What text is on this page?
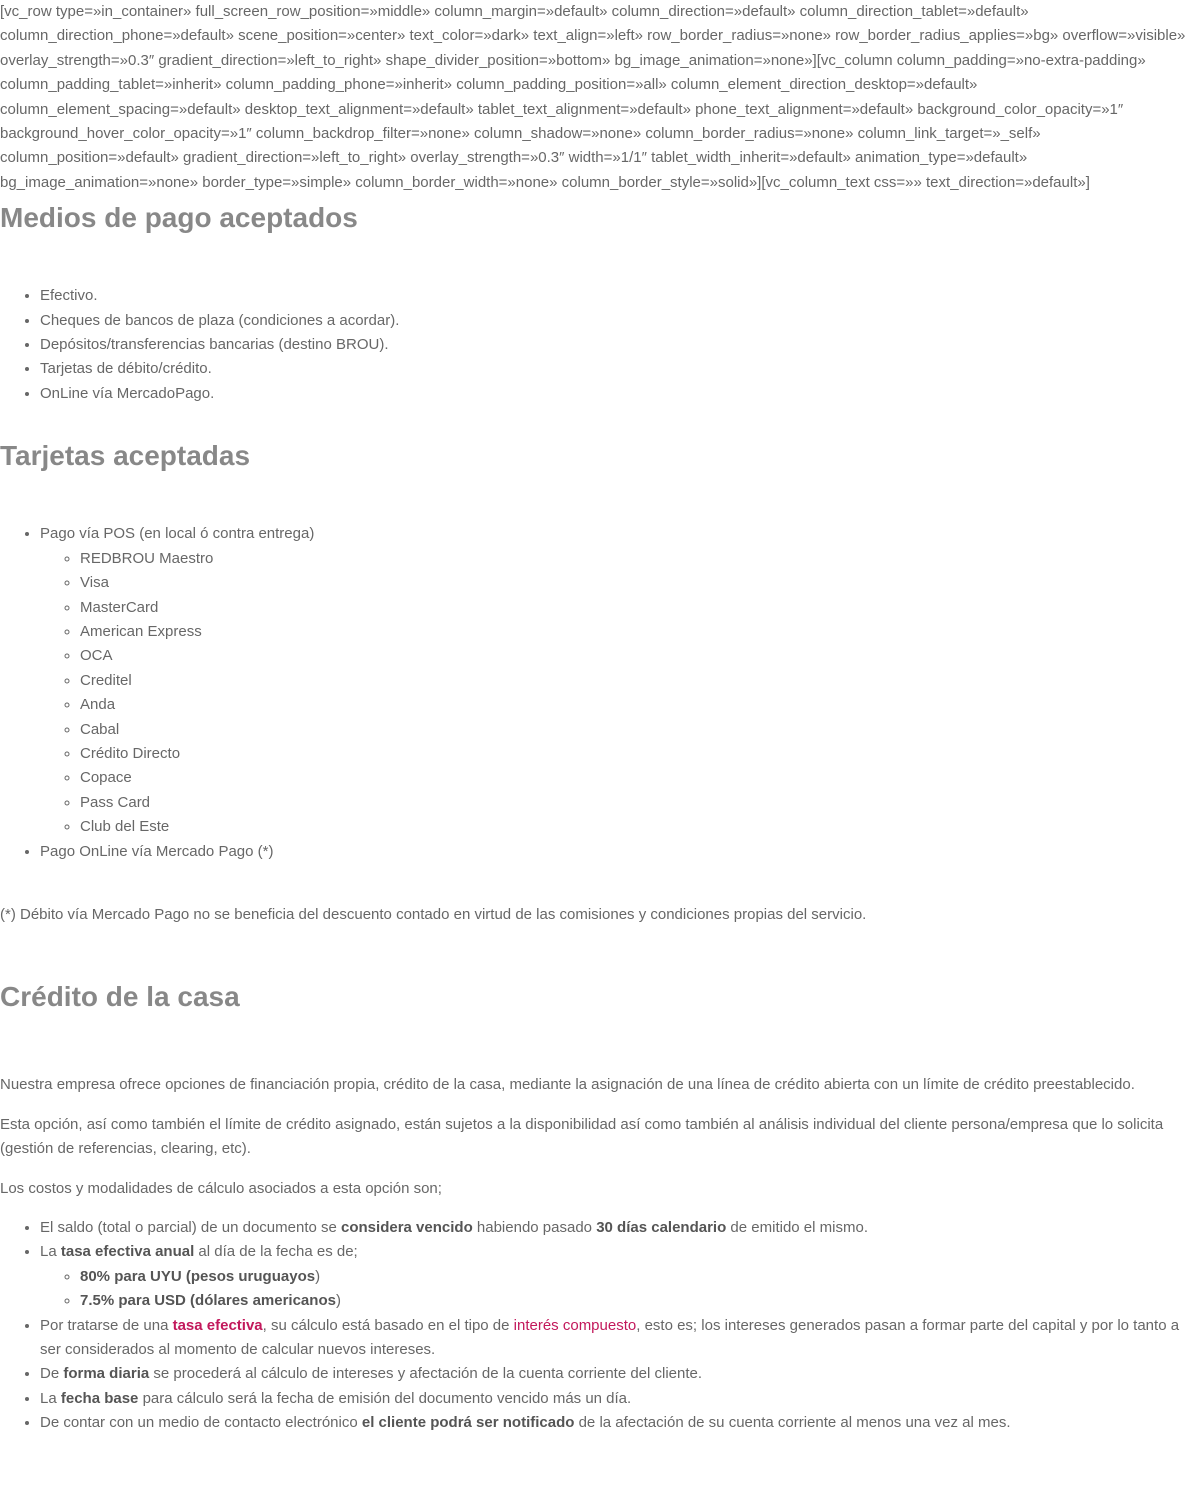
[vc_row type=»in_container» full_screen_row_position=»middle» column_margin=»default» column_direction=»default» column_direction_tablet=»default» column_direction_phone=»default» scene_position=»center» text_color=»dark» text_align=»left» row_border_radius=»none» row_border_radius_applies=»bg» overflow=»visible» overlay_strength=»0.3″ gradient_direction=»left_to_right» shape_divider_position=»bottom» bg_image_animation=»none»][vc_column column_padding=»no-extra-padding» column_padding_tablet=»inherit» column_padding_phone=»inherit» column_padding_position=»all» column_element_direction_desktop=»default» column_element_spacing=»default» desktop_text_alignment=»default» tablet_text_alignment=»default» phone_text_alignment=»default» background_color_opacity=»1″ background_hover_color_opacity=»1″ column_backdrop_filter=»none» column_shadow=»none» column_border_radius=»none» column_link_target=»_self» column_position=»default» gradient_direction=»left_to_right» overlay_strength=»0.3″ width=»1/1″ tablet_width_inherit=»default» animation_type=»default» bg_image_animation=»none» border_type=»simple» column_border_width=»none» column_border_style=»solid»][vc_column_text css=»» text_direction=»default»]

Medios de pago aceptados
• Efectivo.
• Cheques de bancos de plaza (condiciones a acordar).
• Depósitos/transferencias bancarias (destino BROU).
• Tarjetas de débito/crédito.
• OnLine vía MercadoPago.
Tarjetas aceptadas
• Pago vía POS (en local ó contra entrega)
◦ REDBROU Maestro
◦ Visa
◦ MasterCard
◦ American Express
◦ OCA
◦ Creditel
◦ Anda
◦ Cabal
◦ Crédito Directo
◦ Copace
◦ Pass Card
◦ Club del Este
• Pago OnLine vía Mercado Pago (*)

(*) Débito vía Mercado Pago no se beneficia del descuento contado en virtud de las comisiones y condiciones propias del servicio.

Crédito de la casa

Nuestra empresa ofrece opciones de financiación propia, crédito de la casa, mediante la asignación de una línea de crédito abierta con un límite de crédito preestablecido.

Esta opción, así como también el límite de crédito asignado, están sujetos a la disponibilidad así como también al análisis individual del cliente persona/empresa que lo solicita (gestión de referencias, clearing, etc).

Los costos y modalidades de cálculo asociados a esta opción son;

• El saldo (total o parcial) de un documento se considera vencido habiendo pasado 30 días calendario de emitido el mismo.
• La tasa efectiva anual al día de la fecha es de;
◦ 80% para UYU (pesos uruguayos)
◦ 7.5% para USD (dólares americanos)
• Por tratarse de una tasa efectiva, su cálculo está basado en el tipo de interés compuesto, esto es; los intereses generados pasan a formar parte del capital y por lo tanto a ser considerados al momento de calcular nuevos intereses.
• De forma diaria se procederá al cálculo de intereses y afectación de la cuenta corriente del cliente.
• La fecha base para cálculo será la fecha de emisión del documento vencido más un día.
• De contar con un medio de contacto electrónico el cliente podrá ser notificado de la afectación de su cuenta corriente al menos una vez al mes.
